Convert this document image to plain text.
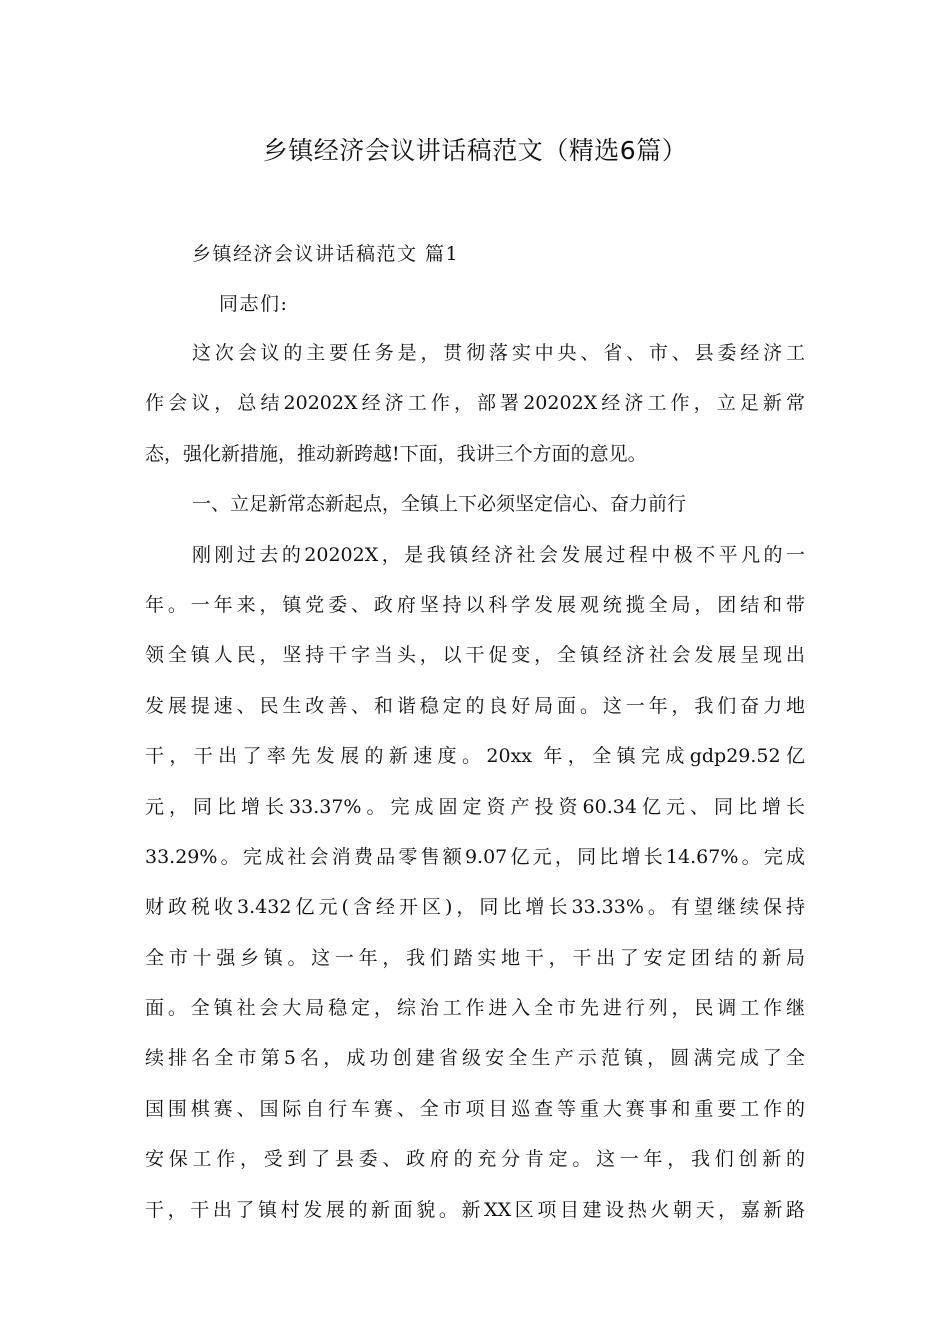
乡镇经济会议讲话稿范文（精选6篇）

乡镇经济会议讲话稿范文 篇1

同志们:

这次会议的主要任务是，贯彻落实中央、省、市、县委经济工
作会议，总结20202X经济工作，部署20202X经济工作，立足新常
态，强化新措施，推动新跨越!下面，我讲三个方面的意见。
一、立足新常态新起点，全镇上下必须坚定信心、奋力前行
刚刚过去的20202X，是我镇经济社会发展过程中极不平凡的一
年。一年来，镇党委、政府坚持以科学发展观统揽全局，团结和带
领全镇人民，坚持干字当头，以干促变，全镇经济社会发展呈现出
发展提速、民生改善、和谐稳定的良好局面。这一年，我们奋力地
干，干出了率先发展的新速度。20xx 年，全镇完成gdp29.52亿
元，同比增长33.37%。完成固定资产投资60.34亿元、同比增长
33.29%。完成社会消费品零售额9.07亿元，同比增长14.67%。完成
财政税收3.432亿元(含经开区)，同比增长33.33%。有望继续保持
全市十强乡镇。这一年，我们踏实地干，干出了安定团结的新局
面。全镇社会大局稳定，综治工作进入全市先进行列，民调工作继
续排名全市第5名，成功创建省级安全生产示范镇，圆满完成了全
国围棋赛、国际自行车赛、全市项目巡查等重大赛事和重要工作的
安保工作，受到了县委、政府的充分肯定。这一年，我们创新的
干，干出了镇村发展的新面貌。新XX区项目建设热火朝天，嘉新路
